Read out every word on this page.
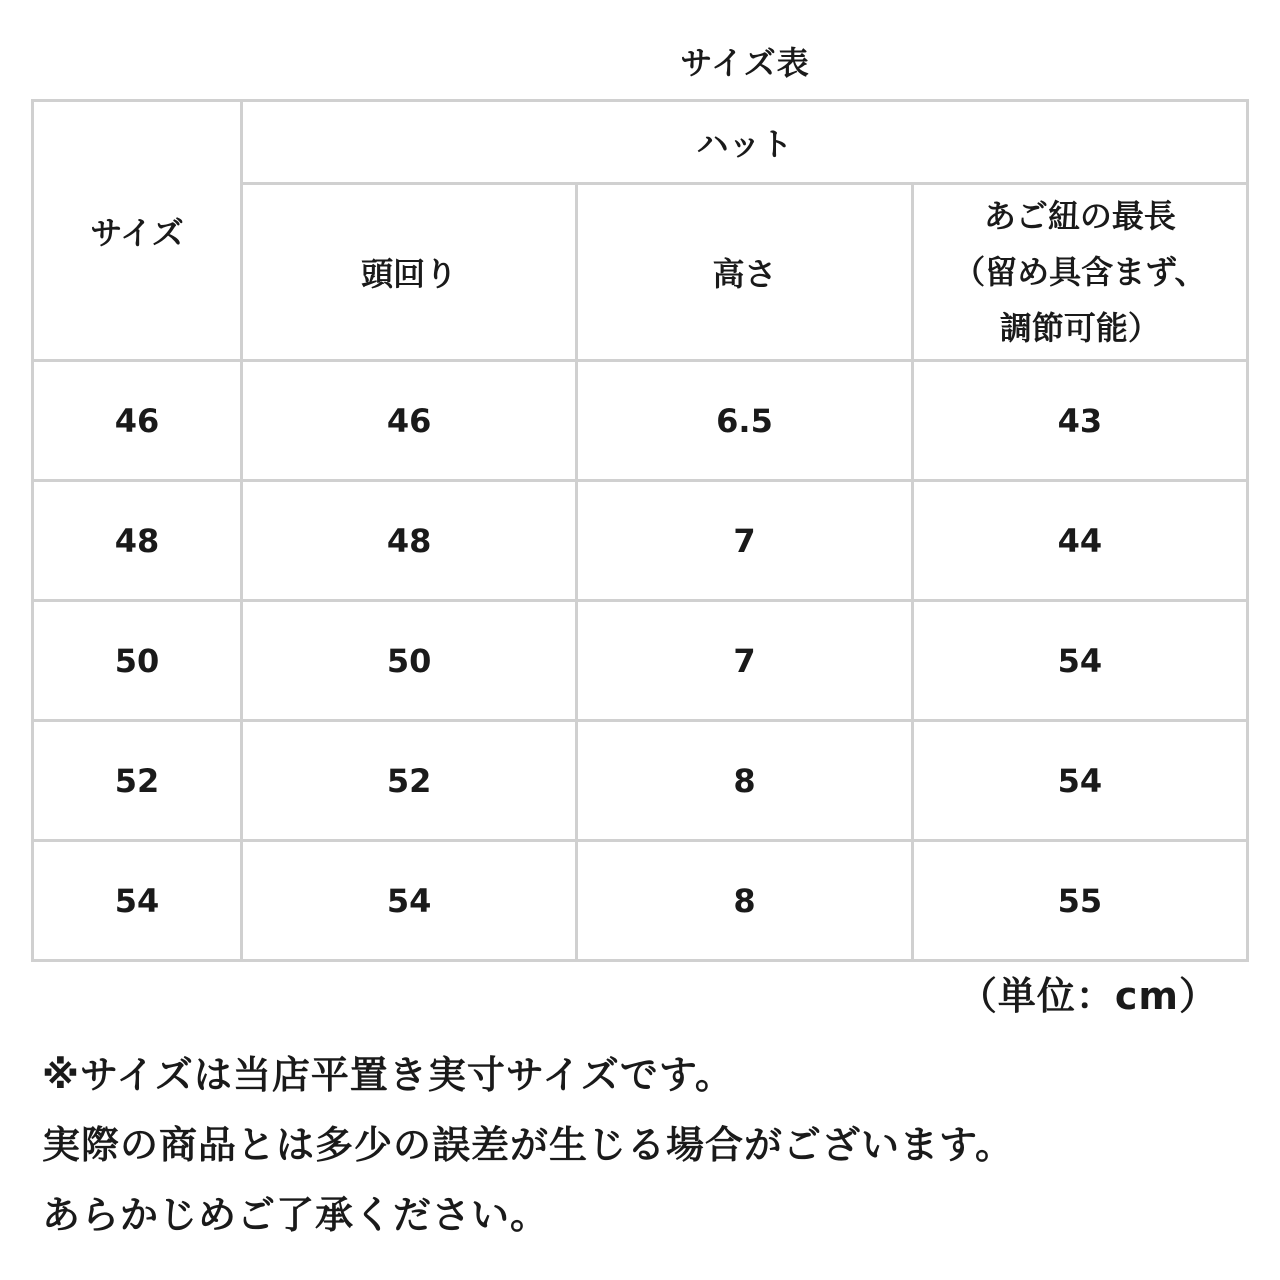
サイズ表
サイズ	ハット		
	頭回り	高さ	あご紐の最長
（留め具含まず、
調節可能）

46	46	6.5	43
48	48	7	44
50	50	7	54
52	52	8	54
54	54	8	55
（単位：cm）
※サイズは当店平置き実寸サイズです。
実際の商品とは多少の誤差が生じる場合がございます。
あらかじめご了承ください。
